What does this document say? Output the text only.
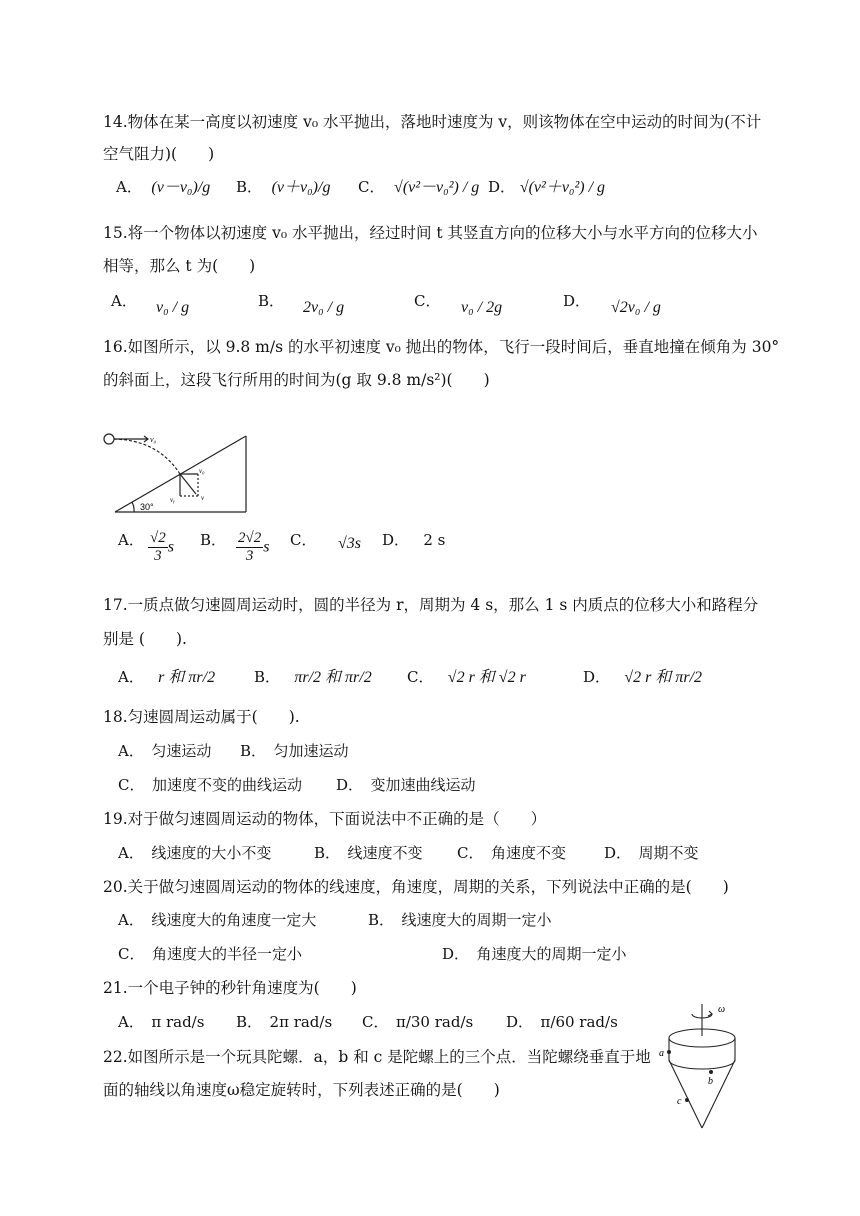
14.物体在某一高度以初速度 v₀ 水平抛出，落地时速度为 v，则该物体在空中运动的时间为(不计
空气阻力)(　　)
A． (v－v₀)/g B． (v＋v₀)/g C． √(v²－v₀²) / g D． √(v²＋v₀²) / g
15.将一个物体以初速度 v₀ 水平抛出，经过时间 t 其竖直方向的位移大小与水平方向的位移大小
相等，那么 t 为(　　)
A． v₀ / g	B． 2v₀ / g	C． v₀ / 2g	D． √2v₀ / g
16.如图所示，以 9.8 m/s 的水平初速度 v₀ 抛出的物体，飞行一段时间后，垂直地撞在倾角为 30°
的斜面上，这段飞行所用的时间为(g 取 9.8 m/s²)(　　)
v₀
v₀
vᵧ	v
30°
A． $\frac{√2}{3}$ s B． $\frac{2√2}{3}$ s C． √3s D． 2 s
17.一质点做匀速圆周运动时，圆的半径为 r，周期为 4 s，那么 1 s 内质点的位移大小和路程分
别是 (　　).
A． r 和 πr/2	B． πr/2 和 πr/2 C． √2 r 和 √2 r	D． √2 r 和 πr/2
18.匀速圆周运动属于(　　).
A．　匀速运动 B．　匀加速运动
C．　加速度不变的曲线运动 D．　变加速曲线运动
19.对于做匀速圆周运动的物体，下面说法中不正确的是（　　）
A．　线速度的大小不变	B．　线速度不变 C．　角速度不变	D．　周期不变
20.关于做匀速圆周运动的物体的线速度，角速度，周期的关系，下列说法中正确的是(　　)
A．　线速度大的角速度一定大	B．　线速度大的周期一定小
C．　角速度大的半径一定小	D．　角速度大的周期一定小
21.一个电子钟的秒针角速度为(　　)
A．　π rad/s B．　2π rad/s C．　π/30 rad/s D．　π/60 rad/s
22.如图所示是一个玩具陀螺．a，b 和 c 是陀螺上的三个点．当陀螺绕垂直于地
面的轴线以角速度ω稳定旋转时，下列表述正确的是(　　)
ω
a
b
c
